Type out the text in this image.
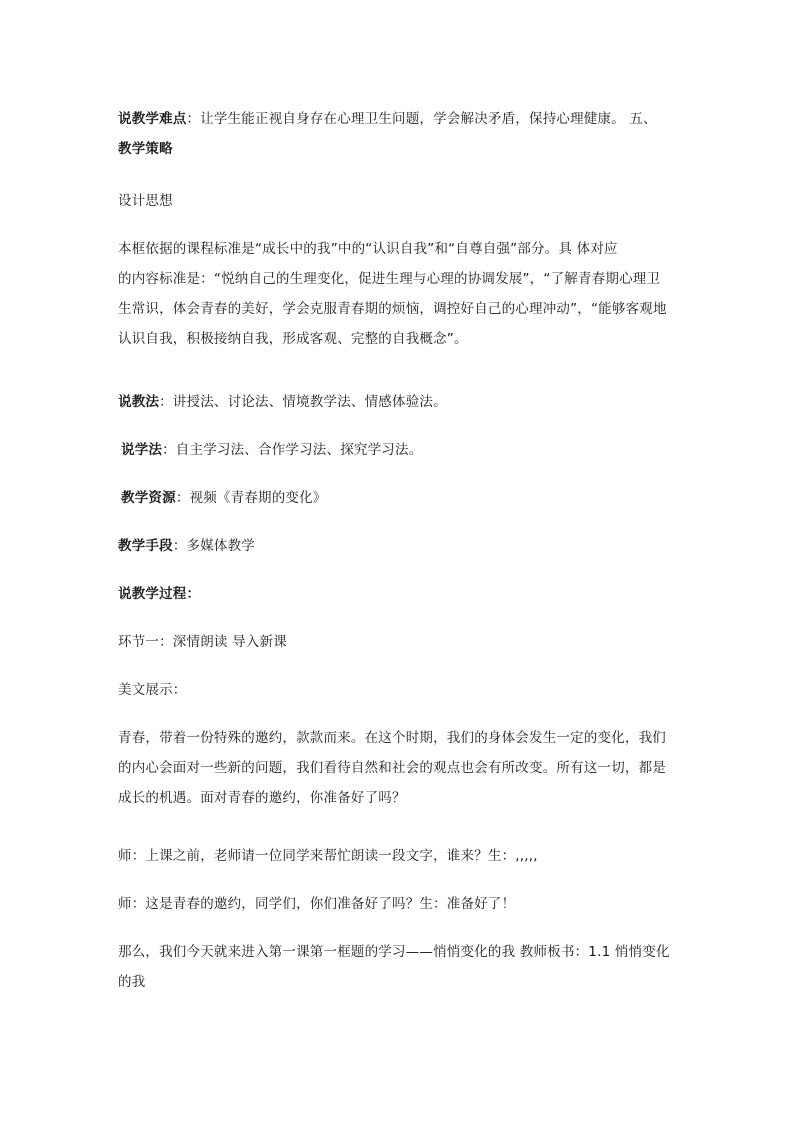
说教学难点：让学生能正视自身存在心理卫生问题，学会解决矛盾，保持心理健康。 五、
教学策略

设计思想

本框依据的课程标准是“成长中的我”中的“认识自我”和“自尊自强”部分。具 体对应
的内容标准是：“悦纳自己的生理变化，促进生理与心理的协调发展”，“了解青春期心理卫
生常识，体会青春的美好，学会克服青春期的烦恼，调控好自己的心理冲动”，“能够客观地
认识自我，积极接纳自我，形成客观、完整的自我概念”。

说教法：讲授法、讨论法、情境教学法、情感体验法。

说学法：自主学习法、合作学习法、探究学习法。

教学资源：视频《青春期的变化》

教学手段：多媒体教学

说教学过程：

环节一：深情朗读 导入新课

美文展示：

青春，带着一份特殊的邀约，款款而来。在这个时期，我们的身体会发生一定的变化，我们
的内心会面对一些新的问题，我们看待自然和社会的观点也会有所改变。所有这一切，都是
成长的机遇。面对青春的邀约，你准备好了吗？

师：上课之前，老师请一位同学来帮忙朗读一段文字，谁来？生：,,,,,

师：这是青春的邀约，同学们，你们准备好了吗？生：准备好了！

那么，我们今天就来进入第一课第一框题的学习——悄悄变化的我 教师板书：1.1 悄悄变化
的我
